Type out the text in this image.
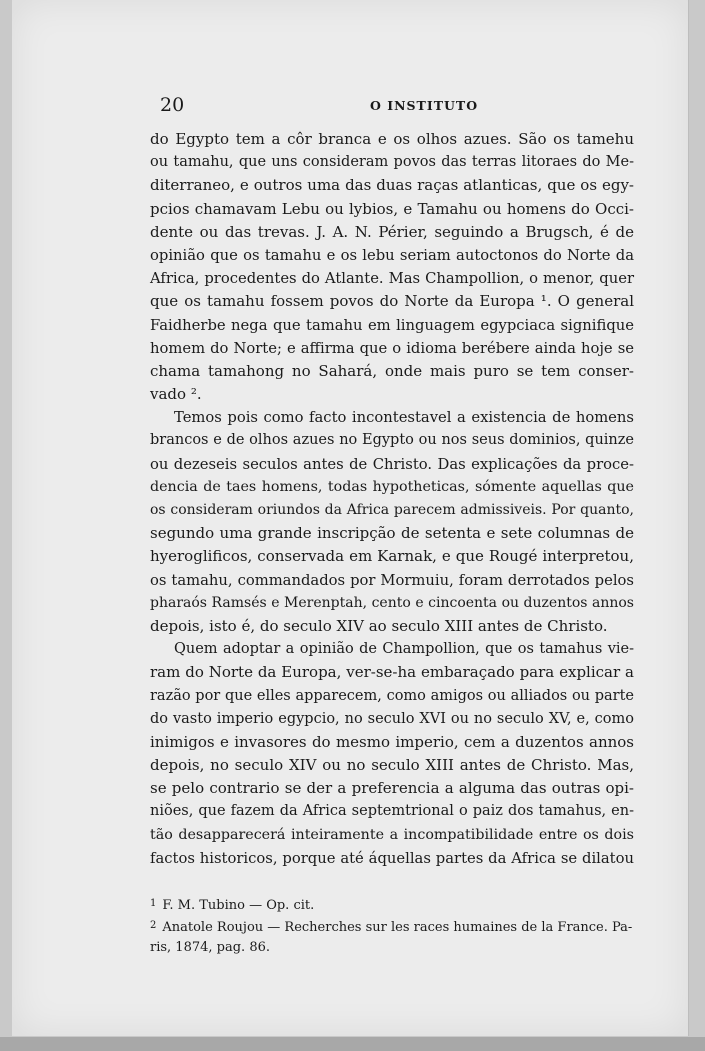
20	O INSTITUTO
do Egypto tem a côr branca e os olhos azues. São os tamehu
ou tamahu, que uns consideram povos das terras litoraes do Me-
diterraneo, e outros uma das duas raças atlanticas, que os egy-
pcios chamavam Lebu ou lybios, e Tamahu ou homens do Occi-
dente ou das trevas. J. A. N. Périer, seguindo a Brugsch, é de
opinião que os tamahu e os lebu seriam autoctonos do Norte da
Africa, procedentes do Atlante. Mas Champollion, o menor, quer
que os tamahu fossem povos do Norte da Europa ¹. O general
Faidherbe nega que tamahu em linguagem egypciaca signifique
homem do Norte; e affirma que o idioma berébere ainda hoje se
chama tamahong no Sahará, onde mais puro se tem conser-
vado ².
Temos pois como facto incontestavel a existencia de homens
brancos e de olhos azues no Egypto ou nos seus dominios, quinze
ou dezeseis seculos antes de Christo. Das explicações da proce-
dencia de taes homens, todas hypotheticas, sómente aquellas que
os consideram oriundos da Africa parecem admissiveis. Por quanto,
segundo uma grande inscripção de setenta e sete columnas de
hyeroglificos, conservada em Karnak, e que Rougé interpretou,
os tamahu, commandados por Mormuiu, foram derrotados pelos
pharaós Ramsés e Merenptah, cento e cincoenta ou duzentos annos
depois, isto é, do seculo XIV ao seculo XIII antes de Christo.
Quem adoptar a opinião de Champollion, que os tamahus vie-
ram do Norte da Europa, ver-se-ha embaraçado para explicar a
razão por que elles apparecem, como amigos ou alliados ou parte
do vasto imperio egypcio, no seculo XVI ou no seculo XV, e, como
inimigos e invasores do mesmo imperio, cem a duzentos annos
depois, no seculo XIV ou no seculo XIII antes de Christo. Mas,
se pelo contrario se der a preferencia a alguma das outras opi-
niões, que fazem da Africa septemtrional o paiz dos tamahus, en-
tão desapparecerá inteiramente a incompatibilidade entre os dois
factos historicos, porque até áquellas partes da Africa se dilatou
$^1$ F. M. Tubino — Op. cit.
$^2$ Anatole Roujou — Recherches sur les races humaines de la France. Pa-
ris, 1874, pag. 86.
